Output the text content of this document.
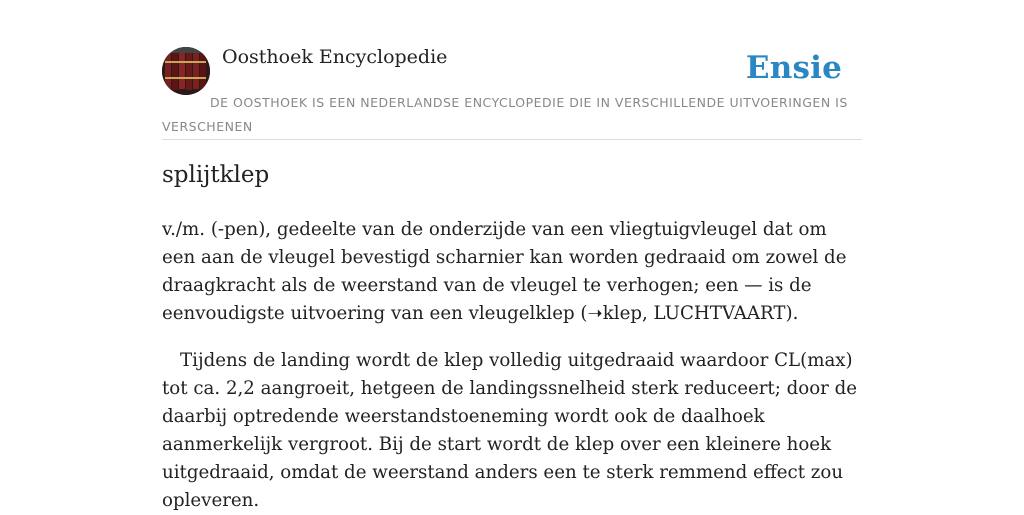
Oosthoek Encyclopedie	Ensie
DE OOSTHOEK IS EEN NEDERLANDSE ENCYCLOPEDIE DIE IN VERSCHILLENDE UITVOERINGEN IS VERSCHENEN
splijtklep

v./m. (-pen), gedeelte van de onderzijde van een vliegtuigvleugel dat om een aan de vleugel bevestigd scharnier kan worden gedraaid om zowel de draagkracht als de weerstand van de vleugel te verhogen; een — is de eenvoudigste uitvoering van een vleugelklep (➝klep, LUCHTVAART).

Tijdens de landing wordt de klep volledig uitgedraaid waardoor CL(max) tot ca. 2,2 aangroeit, hetgeen de landingssnelheid sterk reduceert; door de daarbij optredende weerstandstoeneming wordt ook de daalhoek aanmerkelijk vergroot. Bij de start wordt de klep over een kleinere hoek uitgedraaid, omdat de weerstand anders een te sterk remmend effect zou opleveren.
